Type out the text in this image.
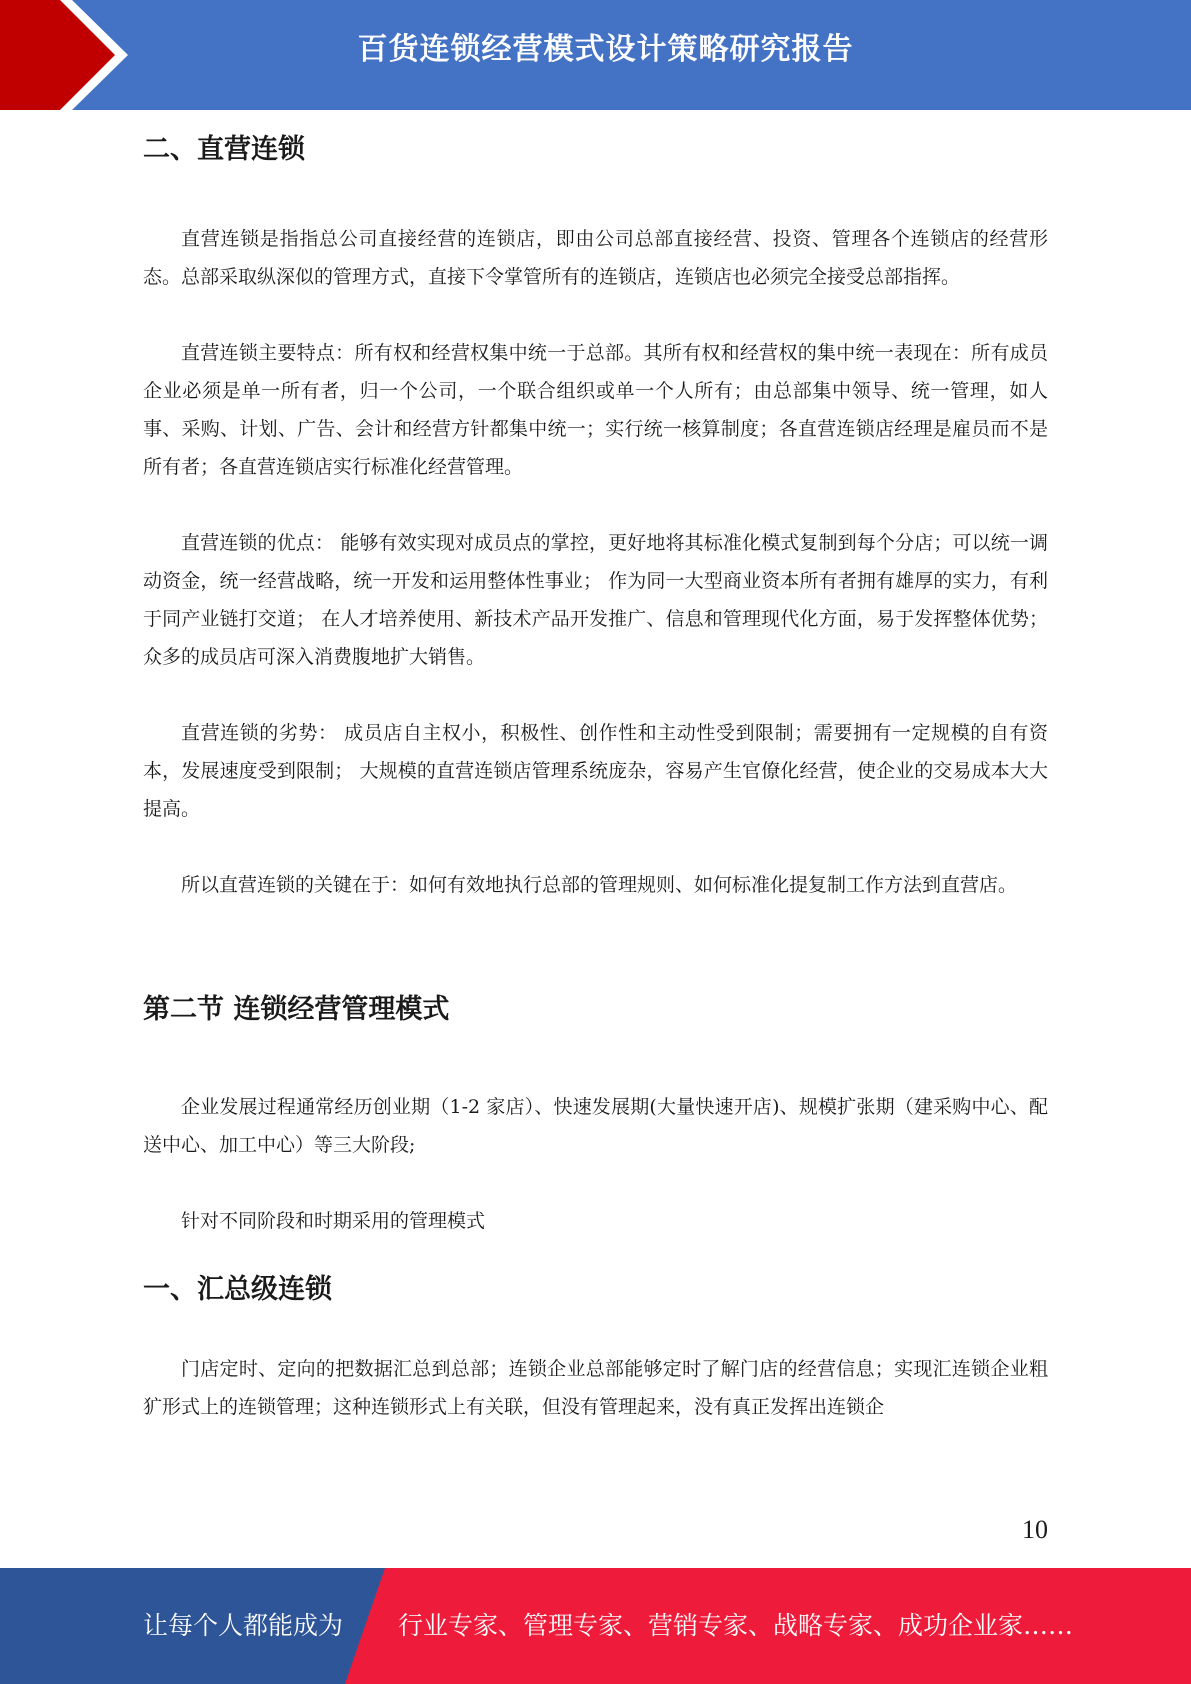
百货连锁经营模式设计策略研究报告
二、直营连锁

直营连锁是指指总公司直接经营的连锁店，即由公司总部直接经营、投资、管理各个连锁店的经营形态。总部采取纵深似的管理方式，直接下令掌管所有的连锁店，连锁店也必须完全接受总部指挥。

直营连锁主要特点：所有权和经营权集中统一于总部。其所有权和经营权的集中统一表现在：所有成员企业必须是单一所有者，归一个公司，一个联合组织或单一个人所有；由总部集中领导、统一管理，如人事、采购、计划、广告、会计和经营方针都集中统一；实行统一核算制度；各直营连锁店经理是雇员而不是所有者；各直营连锁店实行标准化经营管理。

直营连锁的优点： 能够有效实现对成员点的掌控，更好地将其标准化模式复制到每个分店；可以统一调动资金，统一经营战略，统一开发和运用整体性事业； 作为同一大型商业资本所有者拥有雄厚的实力，有利于同产业链打交道； 在人才培养使用、新技术产品开发推广、信息和管理现代化方面，易于发挥整体优势； 众多的成员店可深入消费腹地扩大销售。

直营连锁的劣势： 成员店自主权小，积极性、创作性和主动性受到限制；需要拥有一定规模的自有资本，发展速度受到限制； 大规模的直营连锁店管理系统庞杂，容易产生官僚化经营，使企业的交易成本大大提高。

所以直营连锁的关键在于：如何有效地执行总部的管理规则、如何标准化提复制工作方法到直营店。

第二节 连锁经营管理模式

企业发展过程通常经历创业期（1-2 家店）、快速发展期(大量快速开店)、规模扩张期（建采购中心、配送中心、加工中心）等三大阶段;

针对不同阶段和时期采用的管理模式

一、汇总级连锁

门店定时、定向的把数据汇总到总部；连锁企业总部能够定时了解门店的经营信息；实现汇连锁企业粗犷形式上的连锁管理；这种连锁形式上有关联，但没有管理起来，没有真正发挥出连锁企

10
让每个人都能成为 行业专家、管理专家、营销专家、战略专家、成功企业家……
